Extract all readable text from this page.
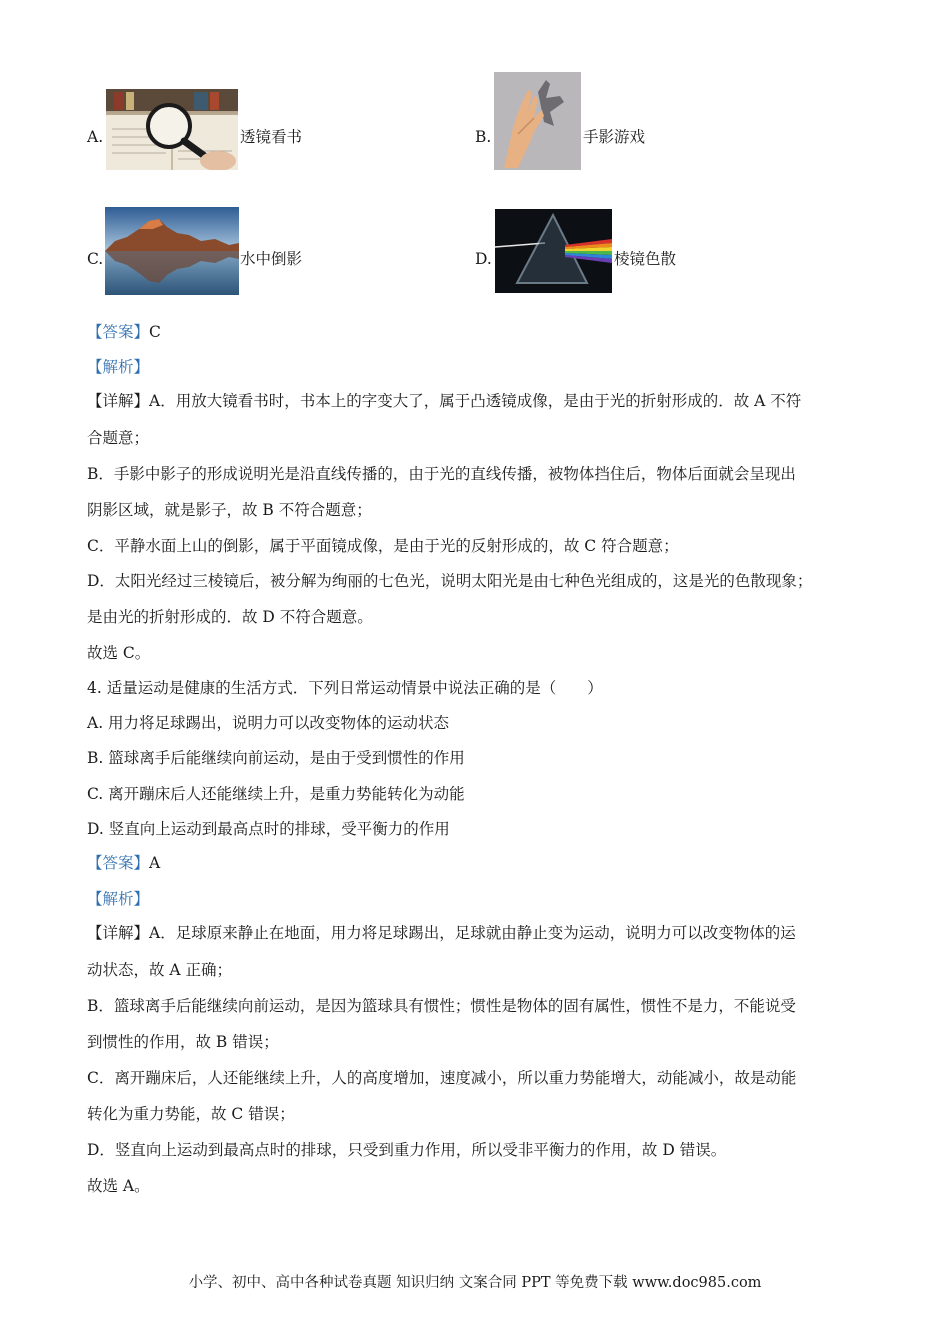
A.	透镜看书	B.	手影游戏
C.	水中倒影	D.	棱镜色散
【答案】C
【解析】
【详解】A．用放大镜看书时，书本上的字变大了，属于凸透镜成像，是由于光的折射形成的．故 A 不符
合题意；
B．手影中影子的形成说明光是沿直线传播的，由于光的直线传播，被物体挡住后，物体后面就会呈现出
阴影区域，就是影子，故 B 不符合题意；
C．平静水面上山的倒影，属于平面镜成像，是由于光的反射形成的，故 C 符合题意；
D．太阳光经过三棱镜后，被分解为绚丽的七色光，说明太阳光是由七种色光组成的，这是光的色散现象；
是由光的折射形成的．故 D 不符合题意。
故选 C。
4. 适量运动是健康的生活方式．下列日常运动情景中说法正确的是（　　）
A. 用力将足球踢出，说明力可以改变物体的运动状态
B. 篮球离手后能继续向前运动，是由于受到惯性的作用
C. 离开蹦床后人还能继续上升，是重力势能转化为动能
D. 竖直向上运动到最高点时的排球，受平衡力的作用
【答案】A
【解析】
【详解】A．足球原来静止在地面，用力将足球踢出，足球就由静止变为运动，说明力可以改变物体的运
动状态，故 A 正确；
B．篮球离手后能继续向前运动，是因为篮球具有惯性；惯性是物体的固有属性，惯性不是力，不能说受
到惯性的作用，故 B 错误；
C．离开蹦床后，人还能继续上升，人的高度增加，速度减小，所以重力势能增大，动能减小，故是动能
转化为重力势能，故 C 错误；
D．竖直向上运动到最高点时的排球，只受到重力作用，所以受非平衡力的作用，故 D 错误。
故选 A。
小学、初中、高中各种试卷真题 知识归纳 文案合同 PPT 等免费下载 www.doc985.com
